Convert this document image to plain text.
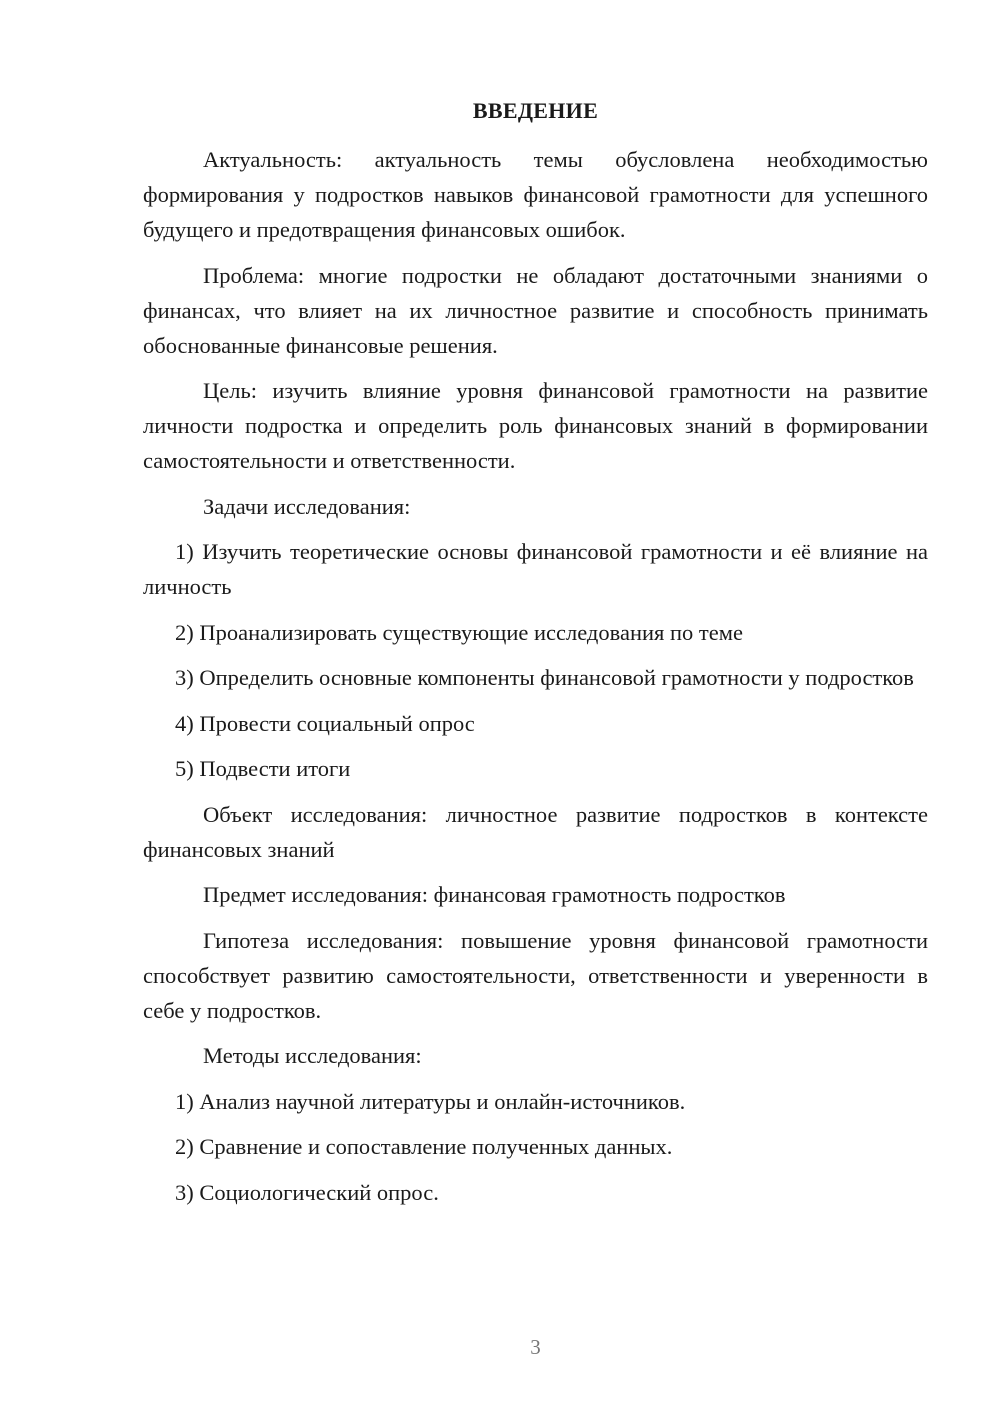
ВВЕДЕНИЕ

Актуальность: актуальность темы обусловлена необходимостью формирования у подростков навыков финансовой грамотности для успешного будущего и предотвращения финансовых ошибок.

Проблема: многие подростки не обладают достаточными знаниями о финансах, что влияет на их личностное развитие и способность принимать обоснованные финансовые решения.

Цель: изучить влияние уровня финансовой грамотности на развитие личности подростка и определить роль финансовых знаний в формировании самостоятельности и ответственности.

Задачи исследования:

1) Изучить теоретические основы финансовой грамотности и её влияние на личность

2) Проанализировать существующие исследования по теме

3) Определить основные компоненты финансовой грамотности у подростков

4) Провести социальный опрос

5) Подвести итоги

Объект исследования: личностное развитие подростков в контексте финансовых знаний

Предмет исследования: финансовая грамотность подростков

Гипотеза исследования: повышение уровня финансовой грамотности способствует развитию самостоятельности, ответственности и уверенности в себе у подростков.

Методы исследования:

1) Анализ научной литературы и онлайн-источников.

2) Сравнение и сопоставление полученных данных.

3) Социологический опрос.

3
